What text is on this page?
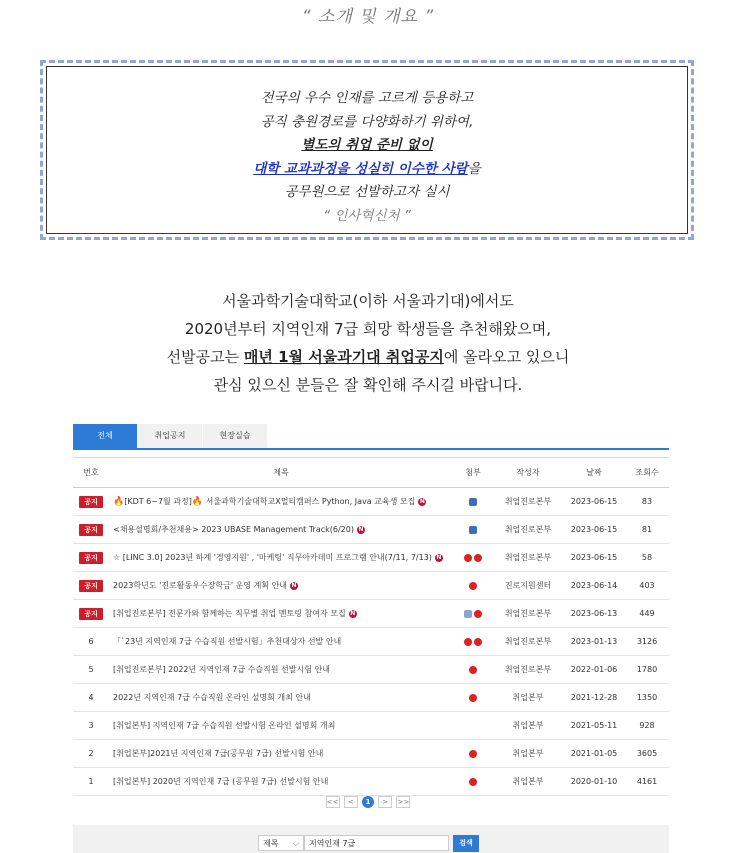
“ 소개 및 개요 ”
전국의 우수 인재를 고르게 등용하고
공직 충원경로를 다양화하기 위하여,
별도의 취업 준비 없이
대학 교과과정을 성실히 이수한 사람을
공무원으로 선발하고자 실시
“ 인사혁신처 ”
서울과학기술대학교(이하 서울과기대)에서도
2020년부터 지역인재 7급 희망 학생들을 추천해왔으며,
선발공고는 매년 1월 서울과기대 취업공지에 올라오고 있으니
관심 있으신 분들은 잘 확인해 주시길 바랍니다.
전체	취업공지	현장실습
번호	제목	첨부	작성자	날짜	조회수
공지	🔥[KDT 6~7월 과정]🔥 서울과학기술대학교X멀티캠퍼스 Python, Java 교육생 모집 N		취업진로본부	2023-06-15	83
공지	<채용설명회/추천채용> 2023 UBASE Management Track(6/20) N		취업진로본부	2023-06-15	81
공지	☆ [LINC 3.0] 2023년 하계 '경영지원' , '마케팅' 직무아카데미 프로그램 안내(7/11, 7/13) N		취업진로본부	2023-06-15	58
공지	2023학년도 '진로활동우수장학금' 운영 계획 안내 N		진로지원센터	2023-06-14	403
공지	[취업진로본부] 전문가와 함께하는 직무별 취업 멘토링 참여자 모집 N		취업진로본부	2023-06-13	449
6	「`23년 지역인재 7급 수습직원 선발시험」추천대상자 선발 안내		취업진로본부	2023-01-13	3126
5	[취업진로본부] 2022년 지역인재 7급 수습직원 선발시험 안내		취업진로본부	2022-01-06	1780
4	2022년 지역인재 7급 수습직원 온라인 설명회 개최 안내		취업본부	2021-12-28	1350
3	[취업본부] 지역인재 7급 수습직원 선발시험 온라인 설명회 개최		취업본부	2021-05-11	928
2	[취업본부]2021년 지역인재 7급(공무원 7급) 선발시험 안내		취업본부	2021-01-05	3605
1	[취업본부] 2020년 지역인재 7급 (공무원 7급) 선발시험 안내		취업본부	2020-01-10	4161
<< < 1 > >>
제목 ⌵	지역인재 7급	검색
